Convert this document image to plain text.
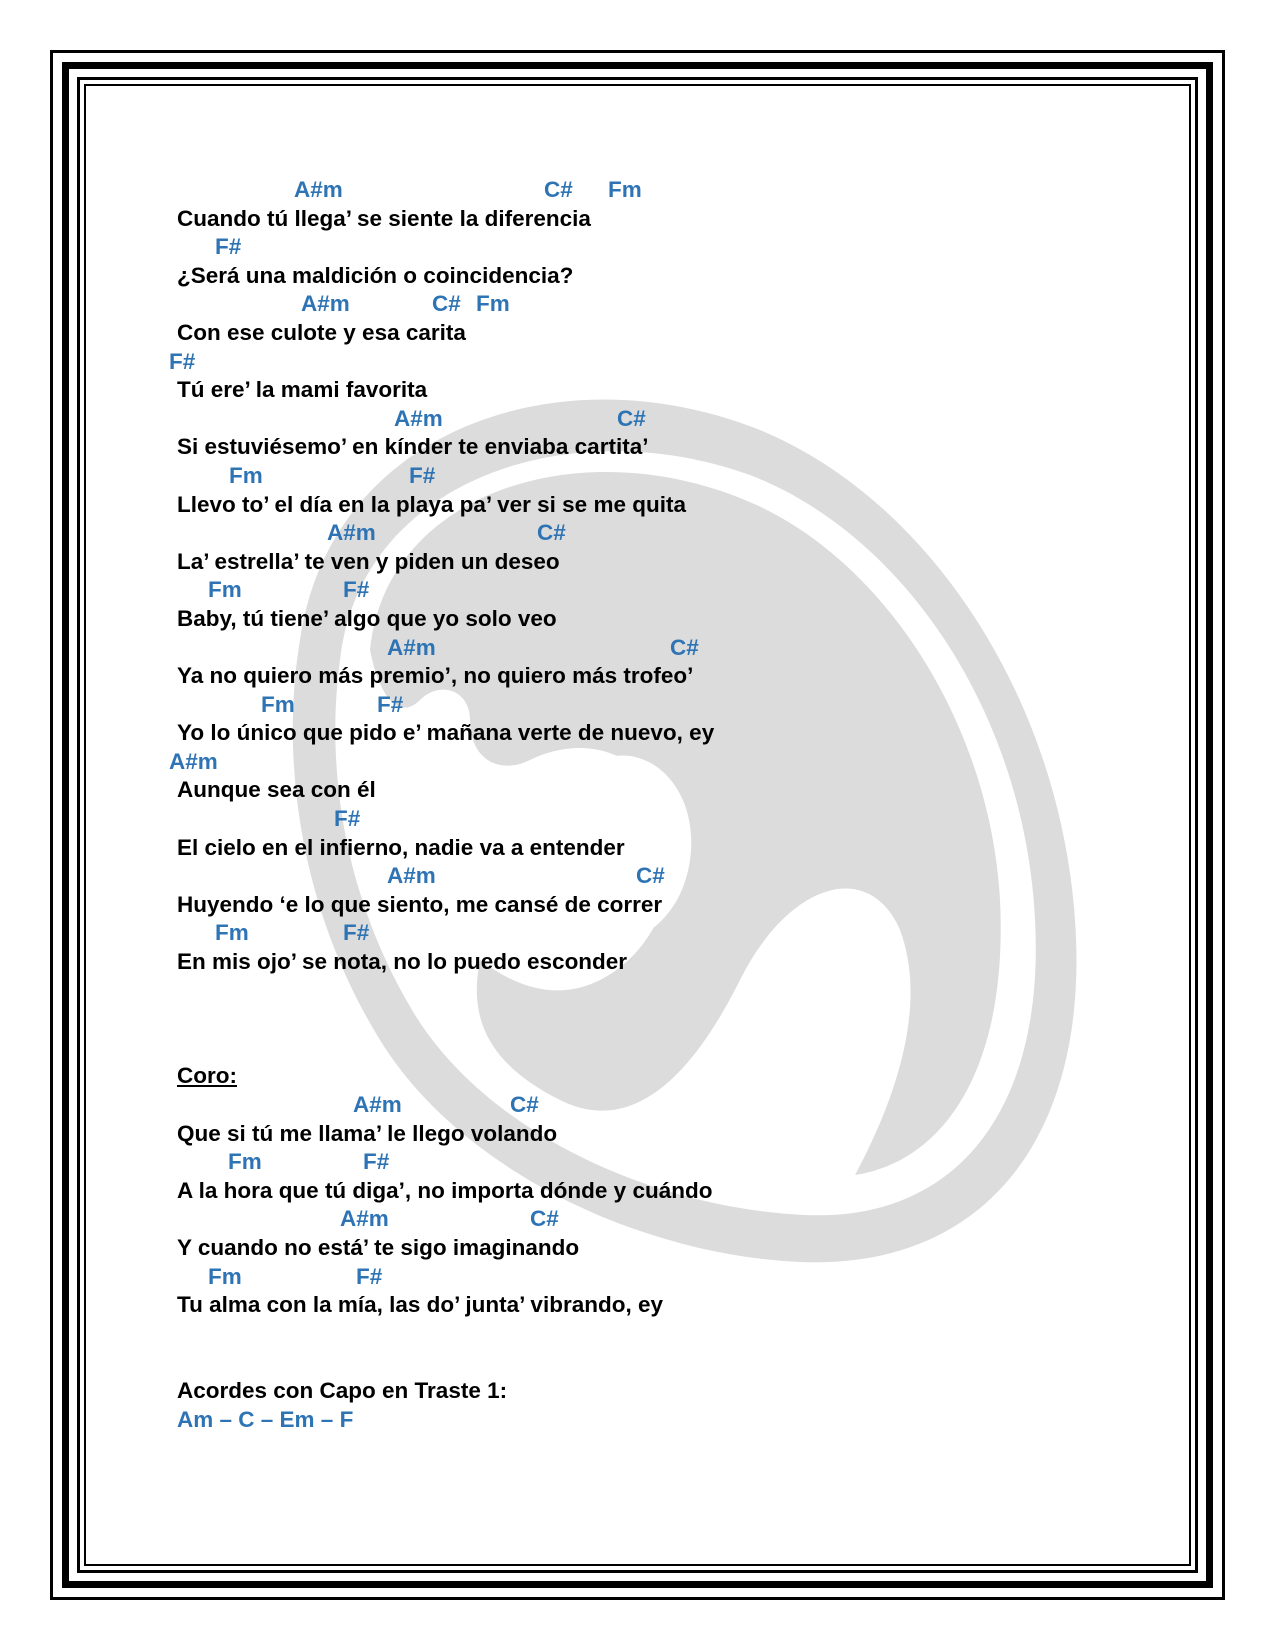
A#m

	C#

Fm

Cuando tú llega’ se siente la diferencia

F#

¿Será una maldición o coincidencia?

A#m

	C#

Fm

Con ese culote y esa carita

F#

Tú ere’ la mami favorita

A#m

	C#

Si estuviésemo’ en kínder te enviaba cartita’

Fm

	F#

Llevo to’ el día en la playa pa’ ver si se me quita

A#m

	C#

La’ estrella’ te ven y piden un deseo

Fm

	F#

Baby, tú tiene’ algo que yo solo veo

A#m

	C#

Ya no quiero más premio’, no quiero más trofeo’

Fm

	F#

Yo lo único que pido e’ mañana verte de nuevo, ey

A#m

Aunque sea con él

F#

El cielo en el infierno, nadie va a entender

A#m

	C#

Huyendo ‘e lo que siento, me cansé de correr

Fm

	F#

En mis ojo’ se nota, no lo puedo esconder
Coro:

A#m

	C#

Que si tú me llama’ le llego volando

Fm

	F#

A la hora que tú diga’, no importa dónde y cuándo

A#m

	C#

Y cuando no está’ te sigo imaginando

Fm

	F#

Tu alma con la mía, las do’ junta’ vibrando, ey
Acordes con Capo en Traste 1:
Am – C – Em – F
